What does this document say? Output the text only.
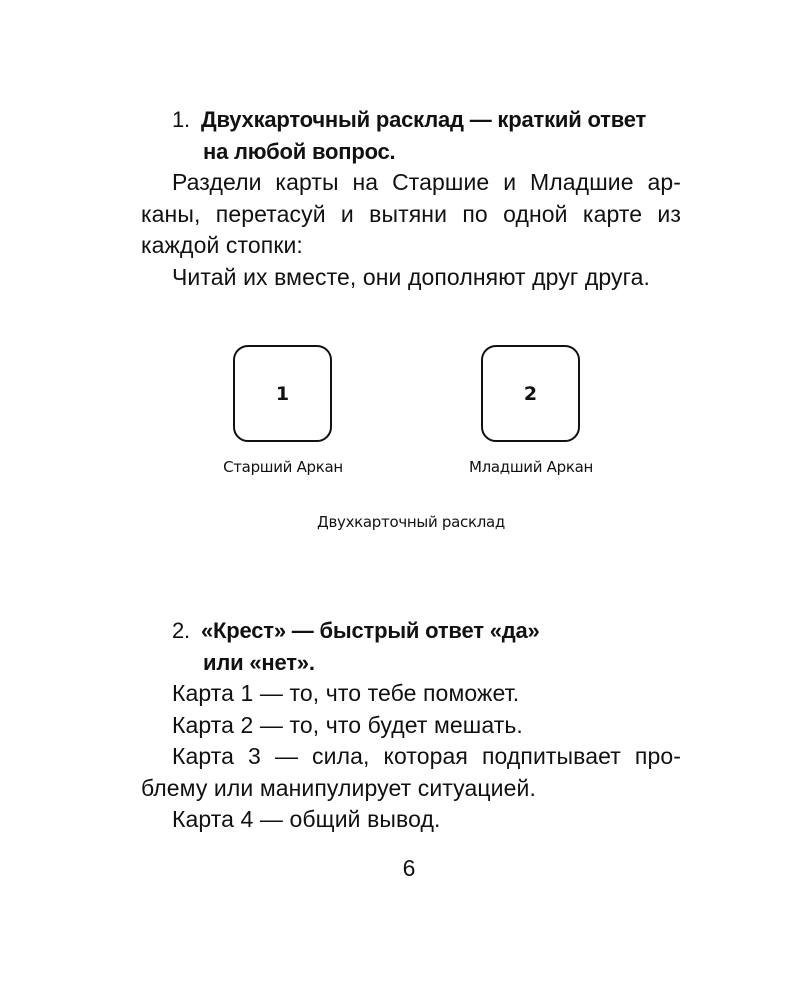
1. Двухкарточный расклад — краткий ответ
на любой вопрос.
Раздели карты на Старшие и Младшие ар-
каны, перетасуй и вытяни по одной карте из
каждой стопки:
Читай их вместе, они дополняют друг друга.
1	2
Старший Аркан	Младший Аркан
Двухкарточный расклад
2. «Крест» — быстрый ответ «да»
или «нет».
Карта 1 — то, что тебе поможет.
Карта 2 — то, что будет мешать.
Карта 3 — сила, которая подпитывает про-
блему или манипулирует ситуацией.
Карта 4 — общий вывод.
6
